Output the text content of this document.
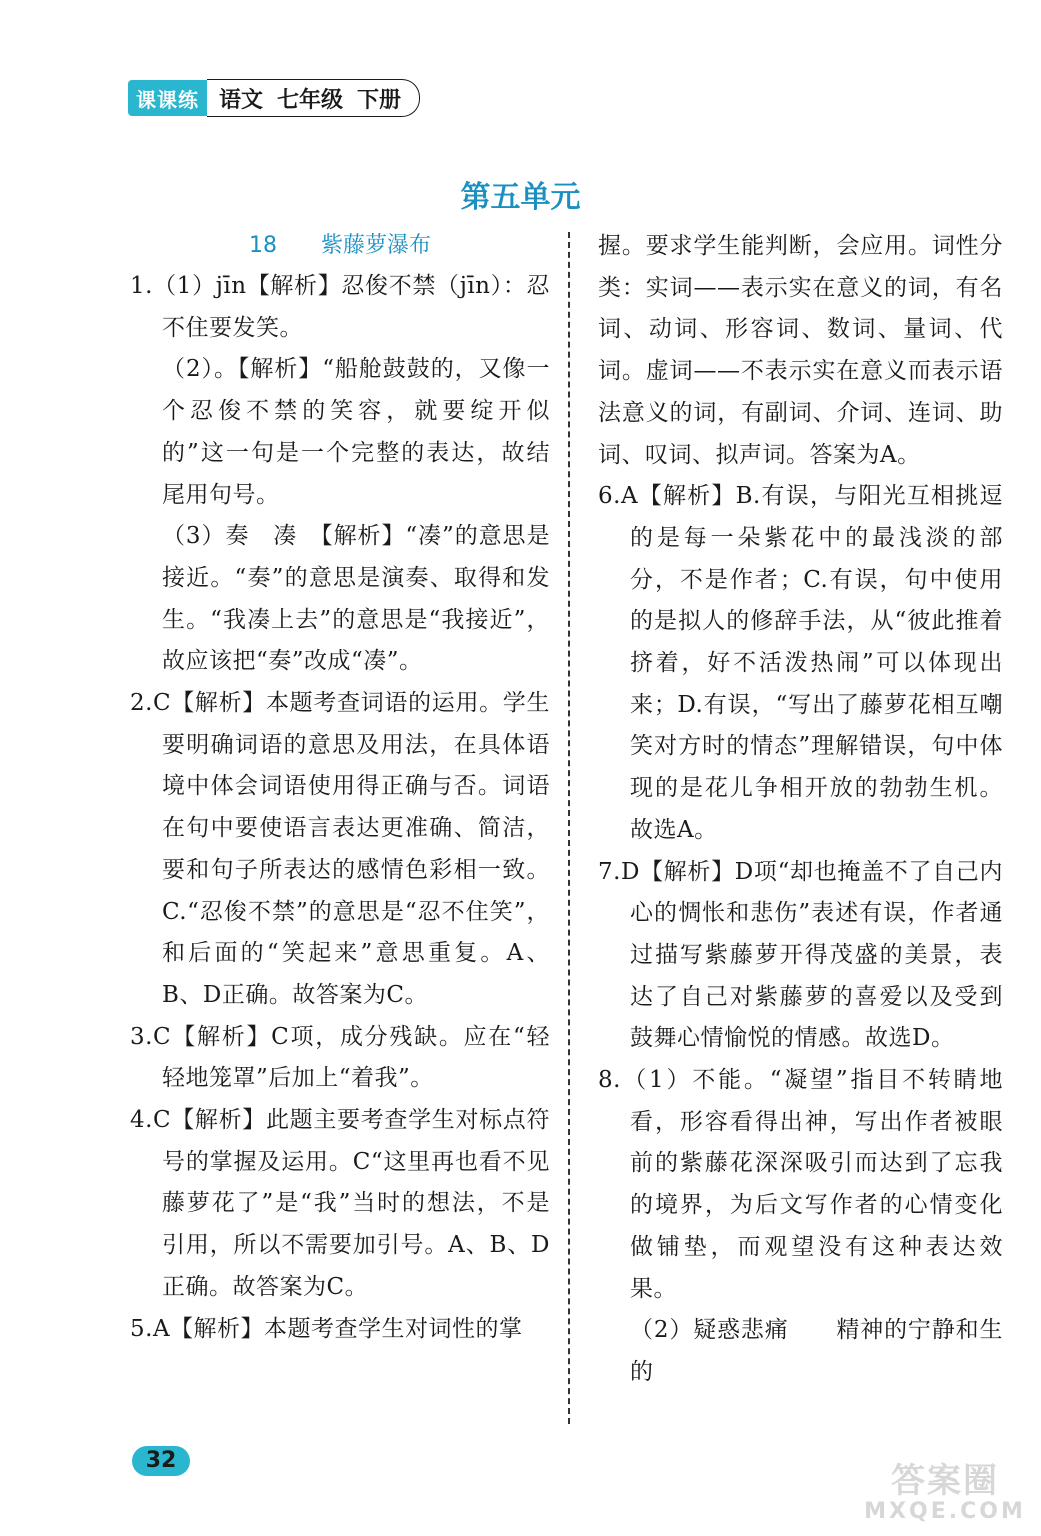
课课练 语文 七年级 下册
第五单元
18 紫藤萝瀑布

1.（1）jīn【解析】忍俊不禁（jīn）：忍不住要发笑。

（2）。【解析】“船舱鼓鼓的，又像一个忍俊不禁的笑容，就要绽开似的”这一句是一个完整的表达，故结尾用句号。

（3）奏　凑　【解析】“凑”的意思是接近。“奏”的意思是演奏、取得和发生。“我凑上去”的意思是“我接近”，故应该把“奏”改成“凑”。

2.C【解析】本题考查词语的运用。学生要明确词语的意思及用法，在具体语境中体会词语使用得正确与否。词语在句中要使语言表达更准确、简洁，要和句子所表达的感情色彩相一致。C.“忍俊不禁”的意思是“忍不住笑”，和后面的“笑起来”意思重复。A、B、D正确。故答案为C。

3.C【解析】C项，成分残缺。应在“轻轻地笼罩”后加上“着我”。

4.C【解析】此题主要考查学生对标点符号的掌握及运用。C“这里再也看不见藤萝花了”是“我”当时的想法，不是引用，所以不需要加引号。A、B、D正确。故答案为C。

5.A【解析】本题考查学生对词性的掌

握。要求学生能判断，会应用。词性分类：实词——表示实在意义的词，有名词、动词、形容词、数词、量词、代词。虚词——不表示实在意义而表示语法意义的词，有副词、介词、连词、助词、叹词、拟声词。答案为A。

6.A【解析】B.有误，与阳光互相挑逗的是每一朵紫花中的最浅淡的部分，不是作者；C.有误，句中使用的是拟人的修辞手法，从“彼此推着挤着，好不活泼热闹”可以体现出来；D.有误，“写出了藤萝花相互嘲笑对方时的情态”理解错误，句中体现的是花儿争相开放的勃勃生机。故选A。

7.D【解析】D项“却也掩盖不了自己内心的惆怅和悲伤”表述有误，作者通过描写紫藤萝开得茂盛的美景，表达了自己对紫藤萝的喜爱以及受到鼓舞心情愉悦的情感。故选D。

8.（1）不能。“凝望”指目不转睛地看，形容看得出神，写出作者被眼前的紫藤花深深吸引而达到了忘我的境界，为后文写作者的心情变化做铺垫，而观望没有这种表达效果。

（2）疑惑悲痛　　精神的宁静和生的

32
答案圈
MXQE.COM
